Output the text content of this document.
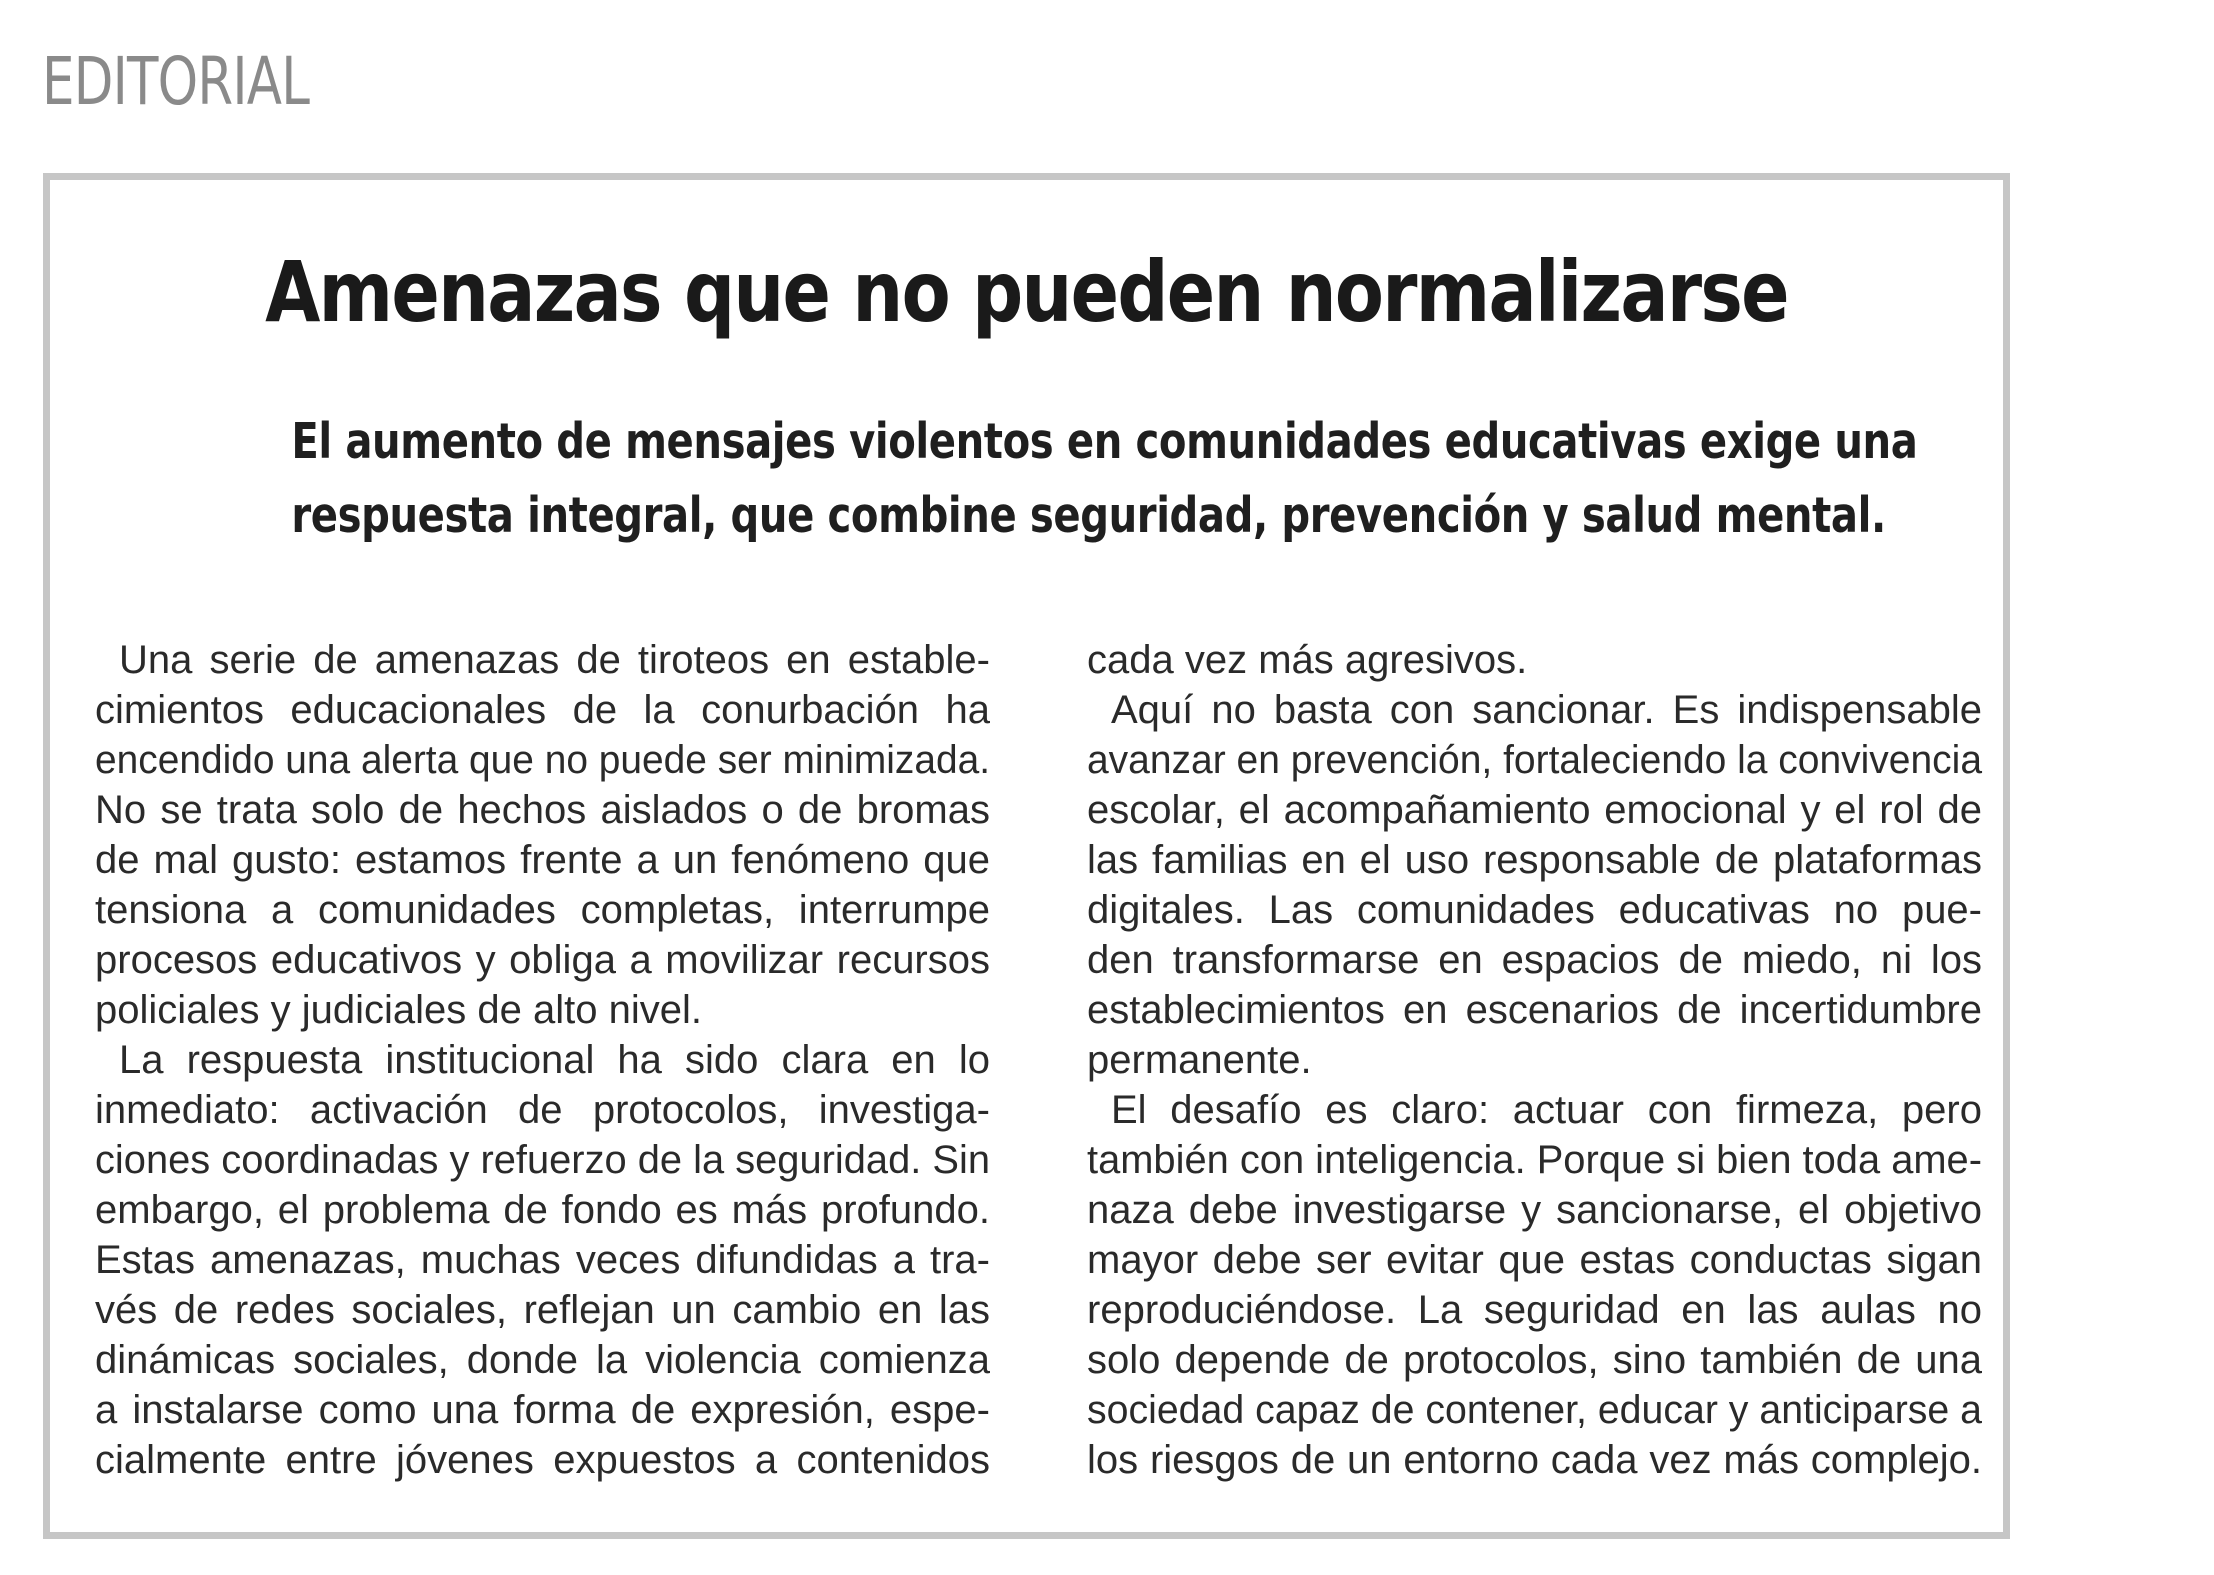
EDITORIAL
Amenazas que no pueden normalizarse

El aumento de mensajes violentos en comunidades educativas exige una
respuesta integral, que combine seguridad, prevención y salud mental.

Una serie de amenazas de tiroteos en estable-
cimientos educacionales de la conurbación ha
encendido una alerta que no puede ser minimizada.
No se trata solo de hechos aislados o de bromas
de mal gusto: estamos frente a un fenómeno que
tensiona a comunidades completas, interrumpe
procesos educativos y obliga a movilizar recursos
policiales y judiciales de alto nivel.
La respuesta institucional ha sido clara en lo
inmediato: activación de protocolos, investiga-
ciones coordinadas y refuerzo de la seguridad. Sin
embargo, el problema de fondo es más profundo.
Estas amenazas, muchas veces difundidas a tra-
vés de redes sociales, reflejan un cambio en las
dinámicas sociales, donde la violencia comienza
a instalarse como una forma de expresión, espe-
cialmente entre jóvenes expuestos a contenidos
cada vez más agresivos.
Aquí no basta con sancionar. Es indispensable
avanzar en prevención, fortaleciendo la convivencia
escolar, el acompañamiento emocional y el rol de
las familias en el uso responsable de plataformas
digitales. Las comunidades educativas no pue-
den transformarse en espacios de miedo, ni los
establecimientos en escenarios de incertidumbre
permanente.
El desafío es claro: actuar con firmeza, pero
también con inteligencia. Porque si bien toda ame-
naza debe investigarse y sancionarse, el objetivo
mayor debe ser evitar que estas conductas sigan
reproduciéndose. La seguridad en las aulas no
solo depende de protocolos, sino también de una
sociedad capaz de contener, educar y anticiparse a
los riesgos de un entorno cada vez más complejo.
